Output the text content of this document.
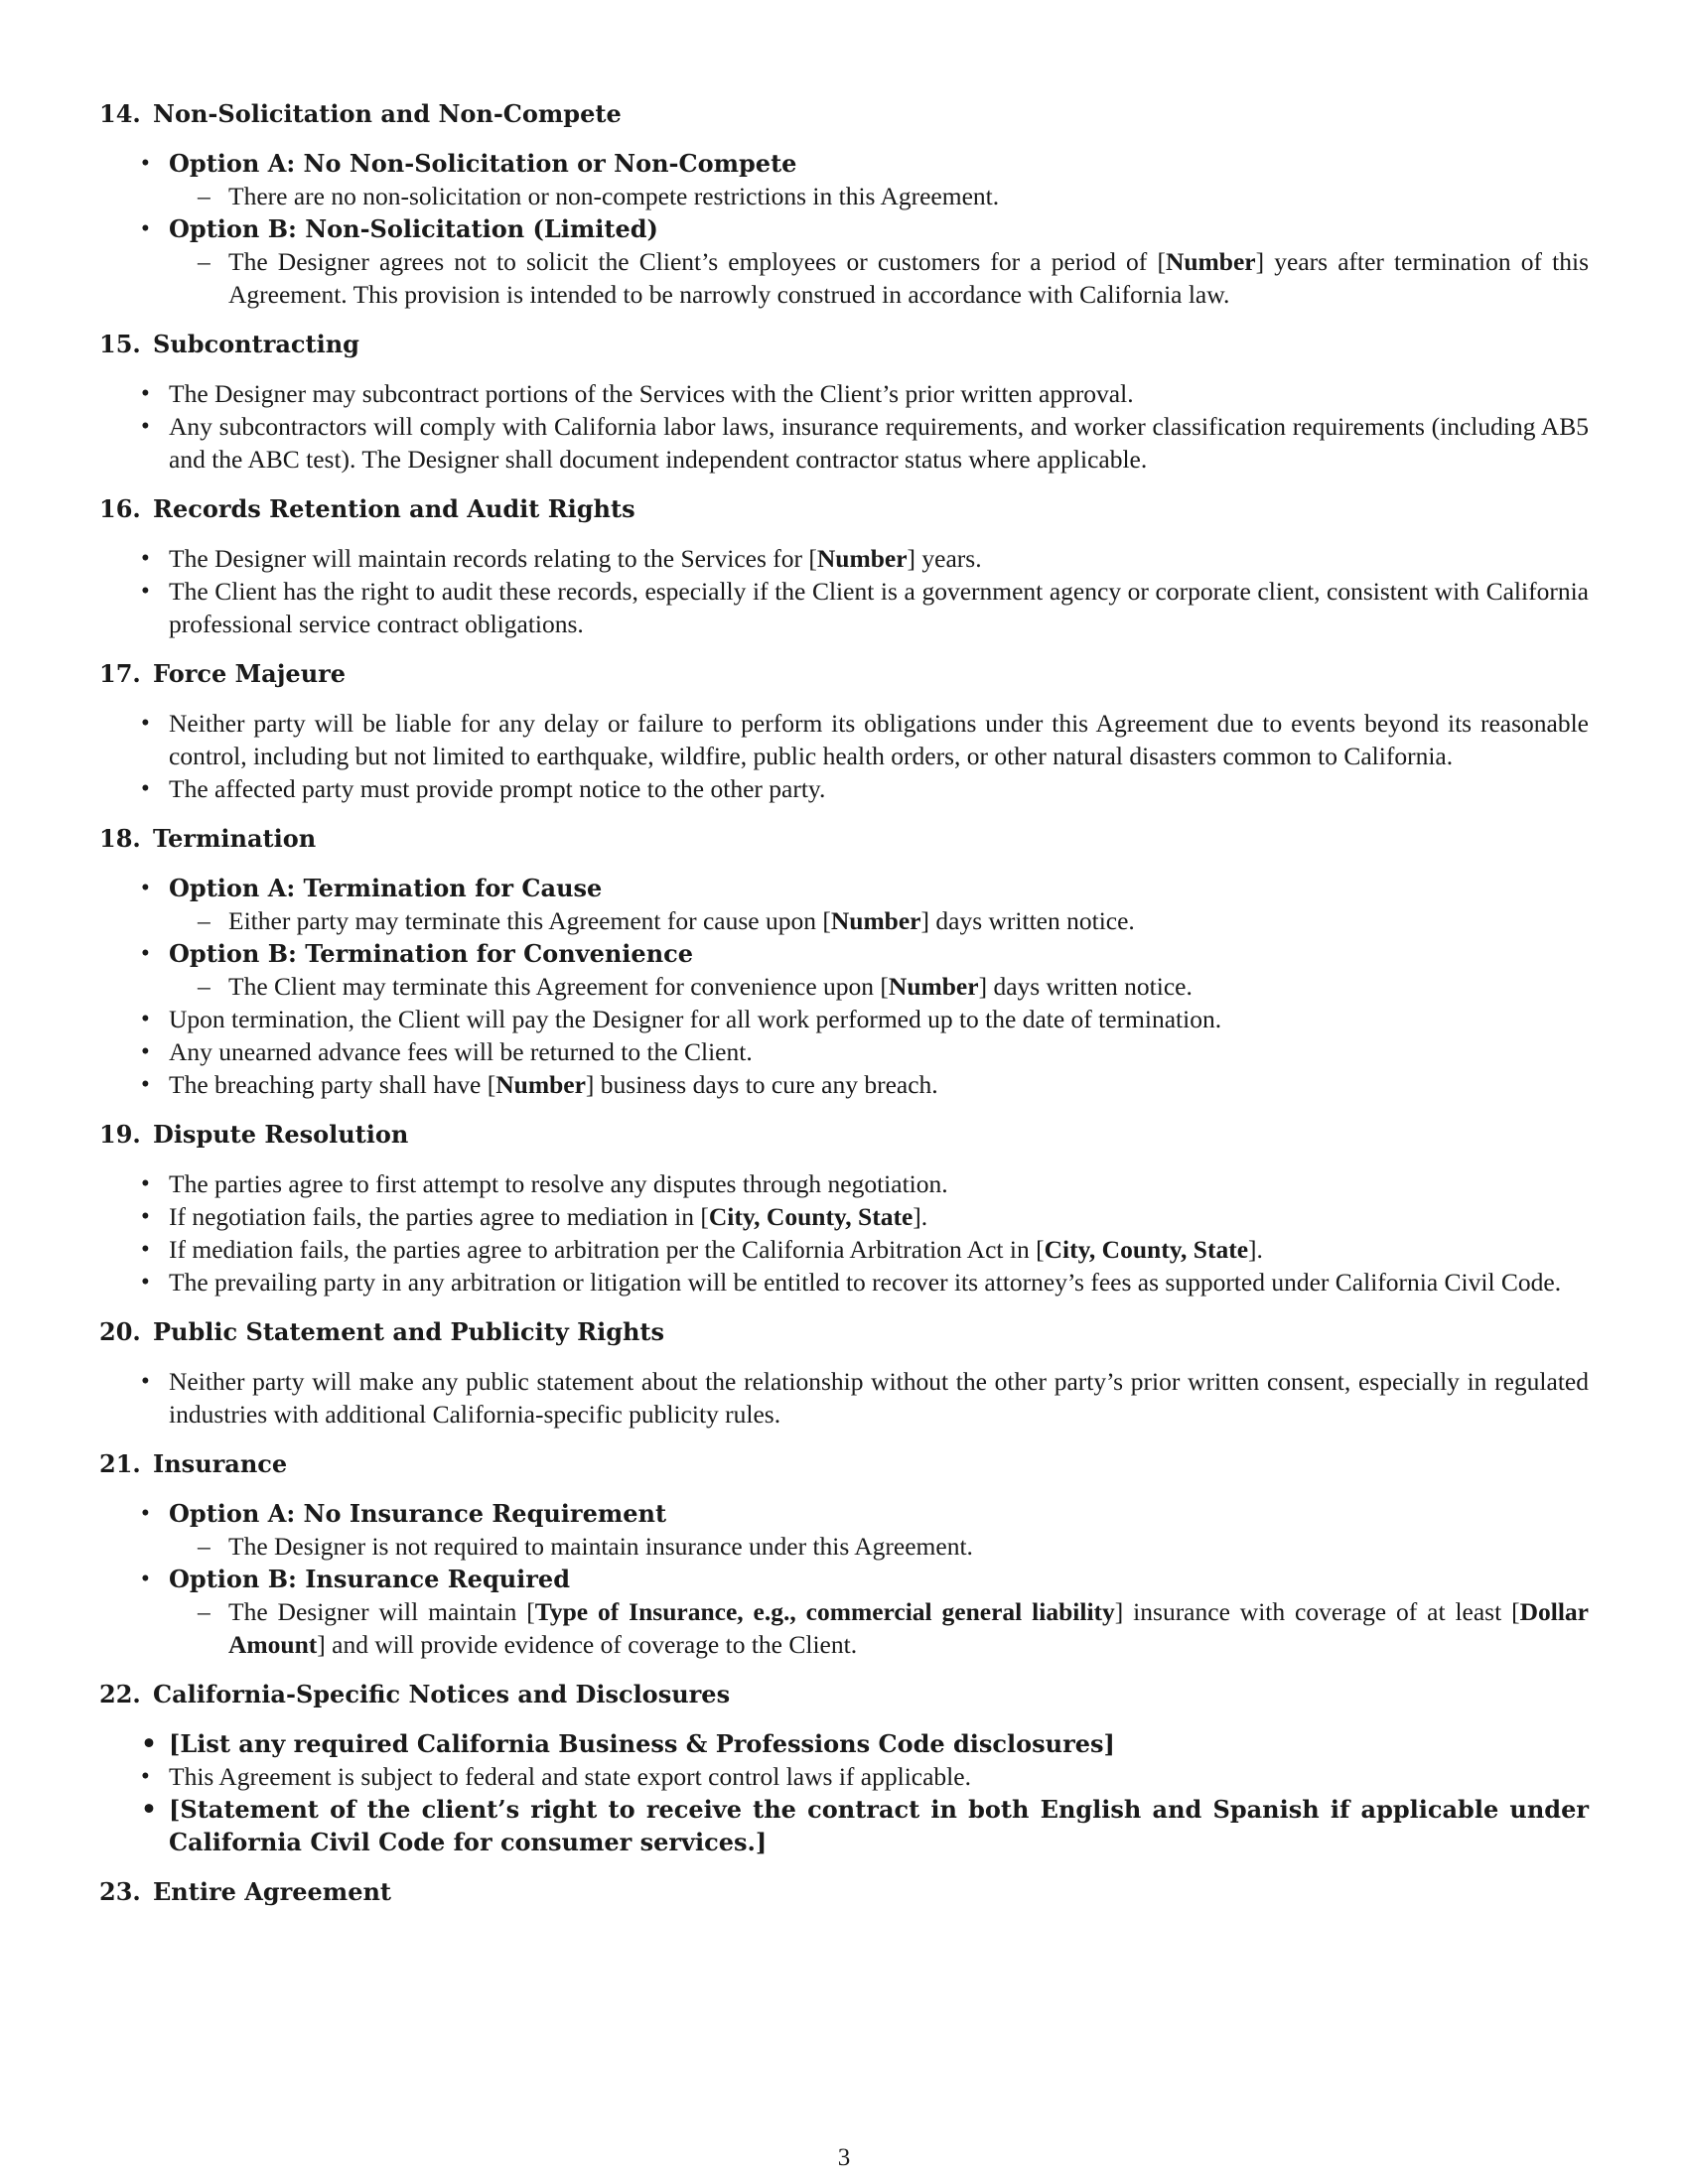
14. Non-Solicitation and Non-Compete
• Option A: No Non-Solicitation or Non-Compete
– There are no non-solicitation or non-compete restrictions in this Agreement.
• Option B: Non-Solicitation (Limited)
– The Designer agrees not to solicit the Client’s employees or customers for a period of [Number] years after termination of this Agreement. This provision is intended to be narrowly construed in accordance with California law.
15. Subcontracting
• The Designer may subcontract portions of the Services with the Client’s prior written approval.
• Any subcontractors will comply with California labor laws, insurance requirements, and worker classification requirements (including AB5 and the ABC test). The Designer shall document independent contractor status where applicable.
16. Records Retention and Audit Rights
• The Designer will maintain records relating to the Services for [Number] years.
• The Client has the right to audit these records, especially if the Client is a government agency or corporate client, consistent with California professional service contract obligations.
17. Force Majeure
• Neither party will be liable for any delay or failure to perform its obligations under this Agreement due to events beyond its reasonable control, including but not limited to earthquake, wildfire, public health orders, or other natural disasters common to California.
• The affected party must provide prompt notice to the other party.
18. Termination
• Option A: Termination for Cause
– Either party may terminate this Agreement for cause upon [Number] days written notice.
• Option B: Termination for Convenience
– The Client may terminate this Agreement for convenience upon [Number] days written notice.
• Upon termination, the Client will pay the Designer for all work performed up to the date of termination.
• Any unearned advance fees will be returned to the Client.
• The breaching party shall have [Number] business days to cure any breach.
19. Dispute Resolution
• The parties agree to first attempt to resolve any disputes through negotiation.
• If negotiation fails, the parties agree to mediation in [City, County, State].
• If mediation fails, the parties agree to arbitration per the California Arbitration Act in [City, County, State].
• The prevailing party in any arbitration or litigation will be entitled to recover its attorney’s fees as supported under California Civil Code.
20. Public Statement and Publicity Rights
• Neither party will make any public statement about the relationship without the other party’s prior written consent, especially in regulated industries with additional California-specific publicity rules.
21. Insurance
• Option A: No Insurance Requirement
– The Designer is not required to maintain insurance under this Agreement.
• Option B: Insurance Required
– The Designer will maintain [Type of Insurance, e.g., commercial general liability] insurance with coverage of at least [Dollar Amount] and will provide evidence of coverage to the Client.
22. California-Specific Notices and Disclosures
• [List any required California Business & Professions Code disclosures]
• This Agreement is subject to federal and state export control laws if applicable.
• [Statement of the client’s right to receive the contract in both English and Spanish if applicable under California Civil Code for consumer services.]
23. Entire Agreement
3
